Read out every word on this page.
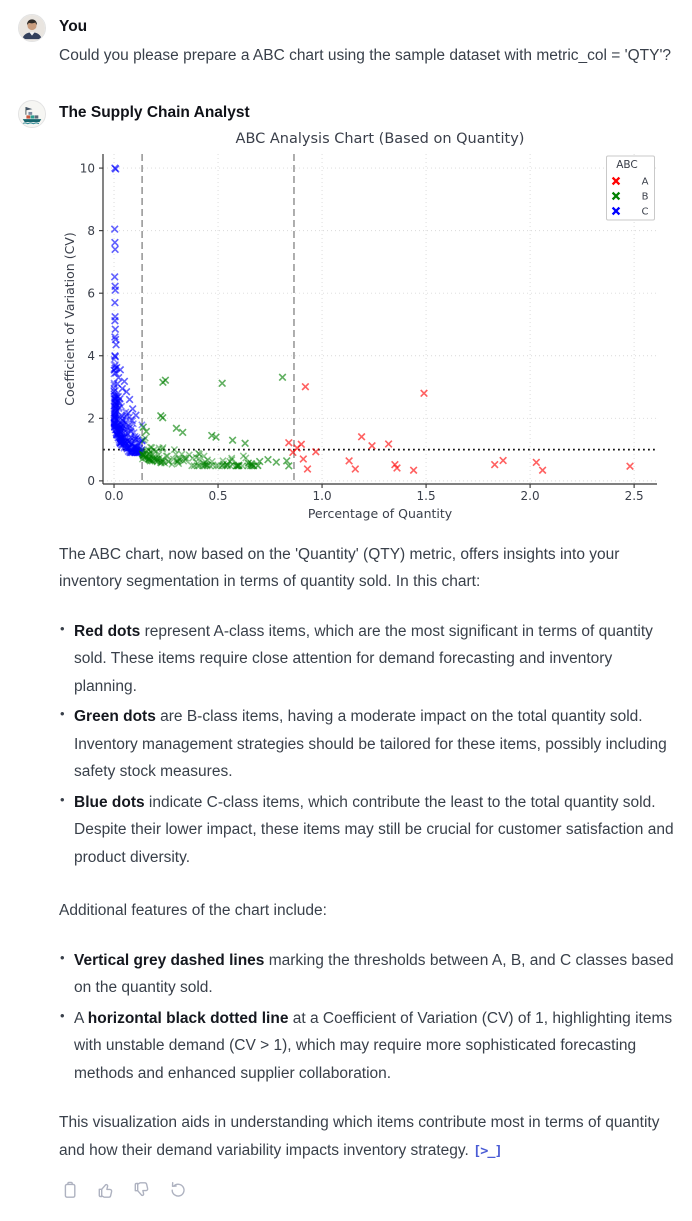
You

Could you please prepare a ABC chart using the sample dataset with metric_col = 'QTY'?

The Supply Chain Analyst
0.0	0.5	1.0	1.5	2.0	2.5
0
2
4
6
8
10
ABC Analysis Chart (Based on Quantity)
Percentage of Quantity
Coefficient of Variation (CV)
ABC
A
B
C

The ABC chart, now based on the 'Quantity' (QTY) metric, offers insights into your inventory segmentation in terms of quantity sold. In this chart:

• Red dots represent A-class items, which are the most significant in terms of quantity sold. These items require close attention for demand forecasting and inventory planning.
• Green dots are B-class items, having a moderate impact on the total quantity sold. Inventory management strategies should be tailored for these items, possibly including safety stock measures.
• Blue dots indicate C-class items, which contribute the least to the total quantity sold. Despite their lower impact, these items may still be crucial for customer satisfaction and product diversity.

Additional features of the chart include:

• Vertical grey dashed lines marking the thresholds between A, B, and C classes based on the quantity sold.
• A horizontal black dotted line at a Coefficient of Variation (CV) of 1, highlighting items with unstable demand (CV > 1), which may require more sophisticated forecasting methods and enhanced supplier collaboration.

This visualization aids in understanding which items contribute most in terms of quantity and how their demand variability impacts inventory strategy. [>_]
